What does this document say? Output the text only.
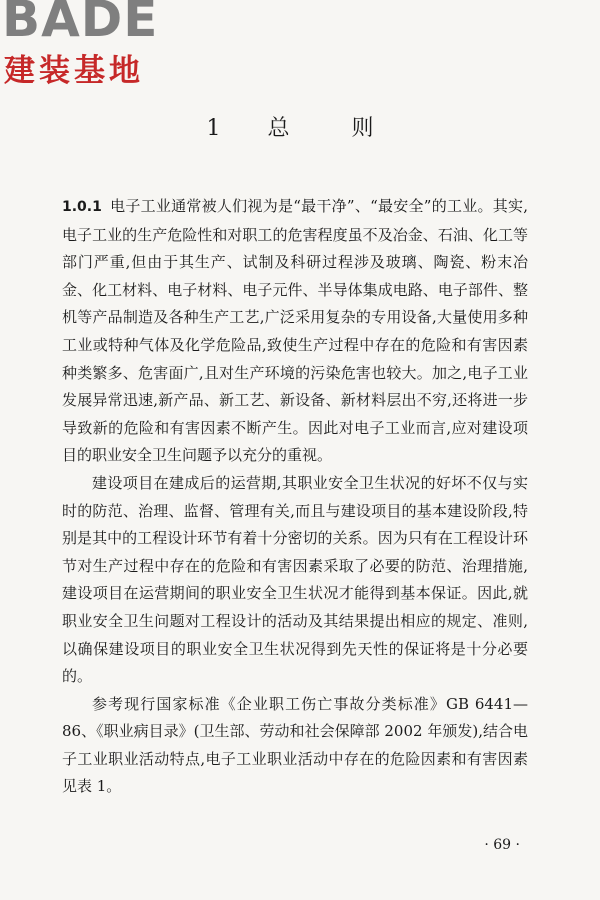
BADE
建装基地
1 总　则

1.0.1 电子工业通常被人们视为是“最干净”、“最安全”的工业。其实,电子工业的生产危险性和对职工的危害程度虽不及冶金、石油、化工等部门严重,但由于其生产、试制及科研过程涉及玻璃、陶瓷、粉末冶金、化工材料、电子材料、电子元件、半导体集成电路、电子部件、整机等产品制造及各种生产工艺,广泛采用复杂的专用设备,大量使用多种工业或特种气体及化学危险品,致使生产过程中存在的危险和有害因素种类繁多、危害面广,且对生产环境的污染危害也较大。加之,电子工业发展异常迅速,新产品、新工艺、新设备、新材料层出不穷,还将进一步导致新的危险和有害因素不断产生。因此对电子工业而言,应对建设项目的职业安全卫生问题予以充分的重视。

建设项目在建成后的运营期,其职业安全卫生状况的好坏不仅与实时的防范、治理、监督、管理有关,而且与建设项目的基本建设阶段,特别是其中的工程设计环节有着十分密切的关系。因为只有在工程设计环节对生产过程中存在的危险和有害因素采取了必要的防范、治理措施,建设项目在运营期间的职业安全卫生状况才能得到基本保证。因此,就职业安全卫生问题对工程设计的活动及其结果提出相应的规定、准则,以确保建设项目的职业安全卫生状况得到先天性的保证将是十分必要的。

参考现行国家标准《企业职工伤亡事故分类标准》GB 6441—86、《职业病目录》(卫生部、劳动和社会保障部 2002 年颁发),结合电子工业职业活动特点,电子工业职业活动中存在的危险因素和有害因素见表 1。

· 69 ·
